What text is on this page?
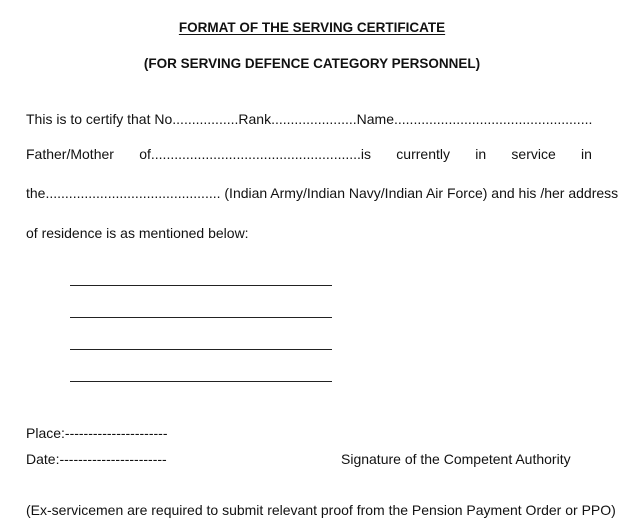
FORMAT OF THE SERVING CERTIFICATE
(FOR SERVING DEFENCE CATEGORY PERSONNEL)
This is to certify that No.................Rank......................Name...................................................
Father/Mother of......................................................is currently in service in
the............................................. (Indian Army/Indian Navy/Indian Air Force) and his /her address
of residence is as mentioned below:
Place:----------------------
Date:-----------------------	Signature of the Competent Authority
(Ex-servicemen are required to submit relevant proof from the Pension Payment Order or PPO)
